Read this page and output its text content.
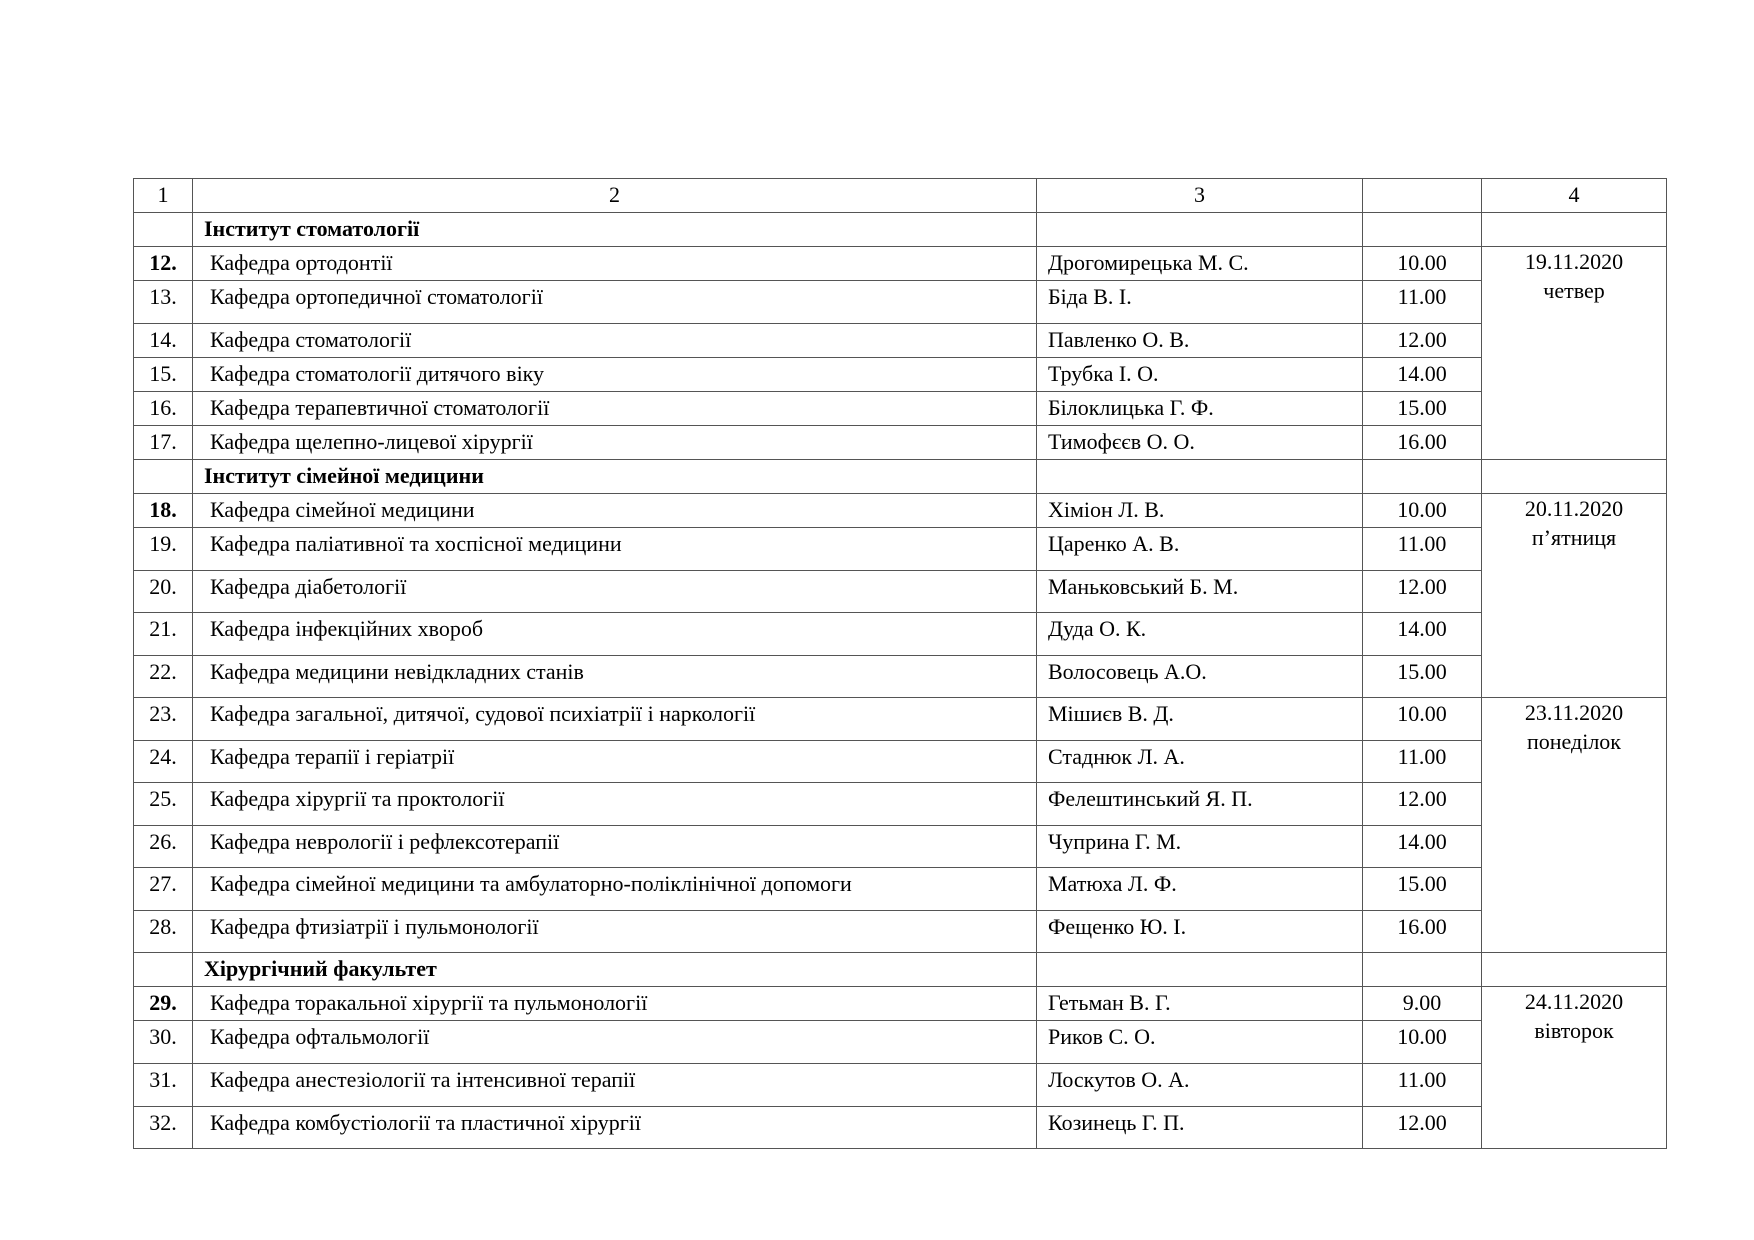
1	2	3		4
	Інститут стоматології			
12.	Кафедра ортодонтії	Дрогомирецька М. С.	10.00	19.11.2020
четвер

13.	Кафедра ортопедичної стоматології	Біда В. І.	11.00	
14.	Кафедра стоматології	Павленко О. В.	12.00	
15.	Кафедра стоматології дитячого віку	Трубка І. О.	14.00	
16.	Кафедра терапевтичної стоматології	Білоклицька Г. Ф.	15.00	
17.	Кафедра щелепно-лицевої хірургії	Тимофєєв О. О.	16.00	
	Інститут сімейної медицини			
18.	Кафедра сімейної медицини	Хіміон Л. В.	10.00	20.11.2020
п’ятниця

19.	Кафедра паліативної та хоспісної медицини	Царенко А. В.	11.00	
20.	Кафедра діабетології	Маньковський Б. М.	12.00	
21.	Кафедра інфекційних хвороб	Дуда О. К.	14.00	
22.	Кафедра медицини невідкладних станів	Волосовець А.О.	15.00	
23.	Кафедра загальної, дитячої, судової психіатрії і наркології	Мішиєв В. Д.	10.00	23.11.2020
понеділок

24.	Кафедра терапії і геріатрії	Стаднюк Л. А.	11.00	
25.	Кафедра хірургії та проктології	Фелештинський Я. П.	12.00	
26.	Кафедра неврології і рефлексотерапії	Чуприна Г. М.	14.00	
27.	Кафедра сімейної медицини та амбулаторно-поліклінічної допомоги	Матюха Л. Ф.	15.00	
28.	Кафедра фтизіатрії і пульмонології	Фещенко Ю. І.	16.00	
	Хірургічний факультет			
29.	Кафедра торакальної хірургії та пульмонології	Гетьман В. Г.	9.00	24.11.2020
вівторок

30.	Кафедра офтальмології	Риков С. О.	10.00	
31.	Кафедра анестезіології та інтенсивної терапії	Лоскутов О. А.	11.00	
32.	Кафедра комбустіології та пластичної хірургії	Козинець Г. П.	12.00	
